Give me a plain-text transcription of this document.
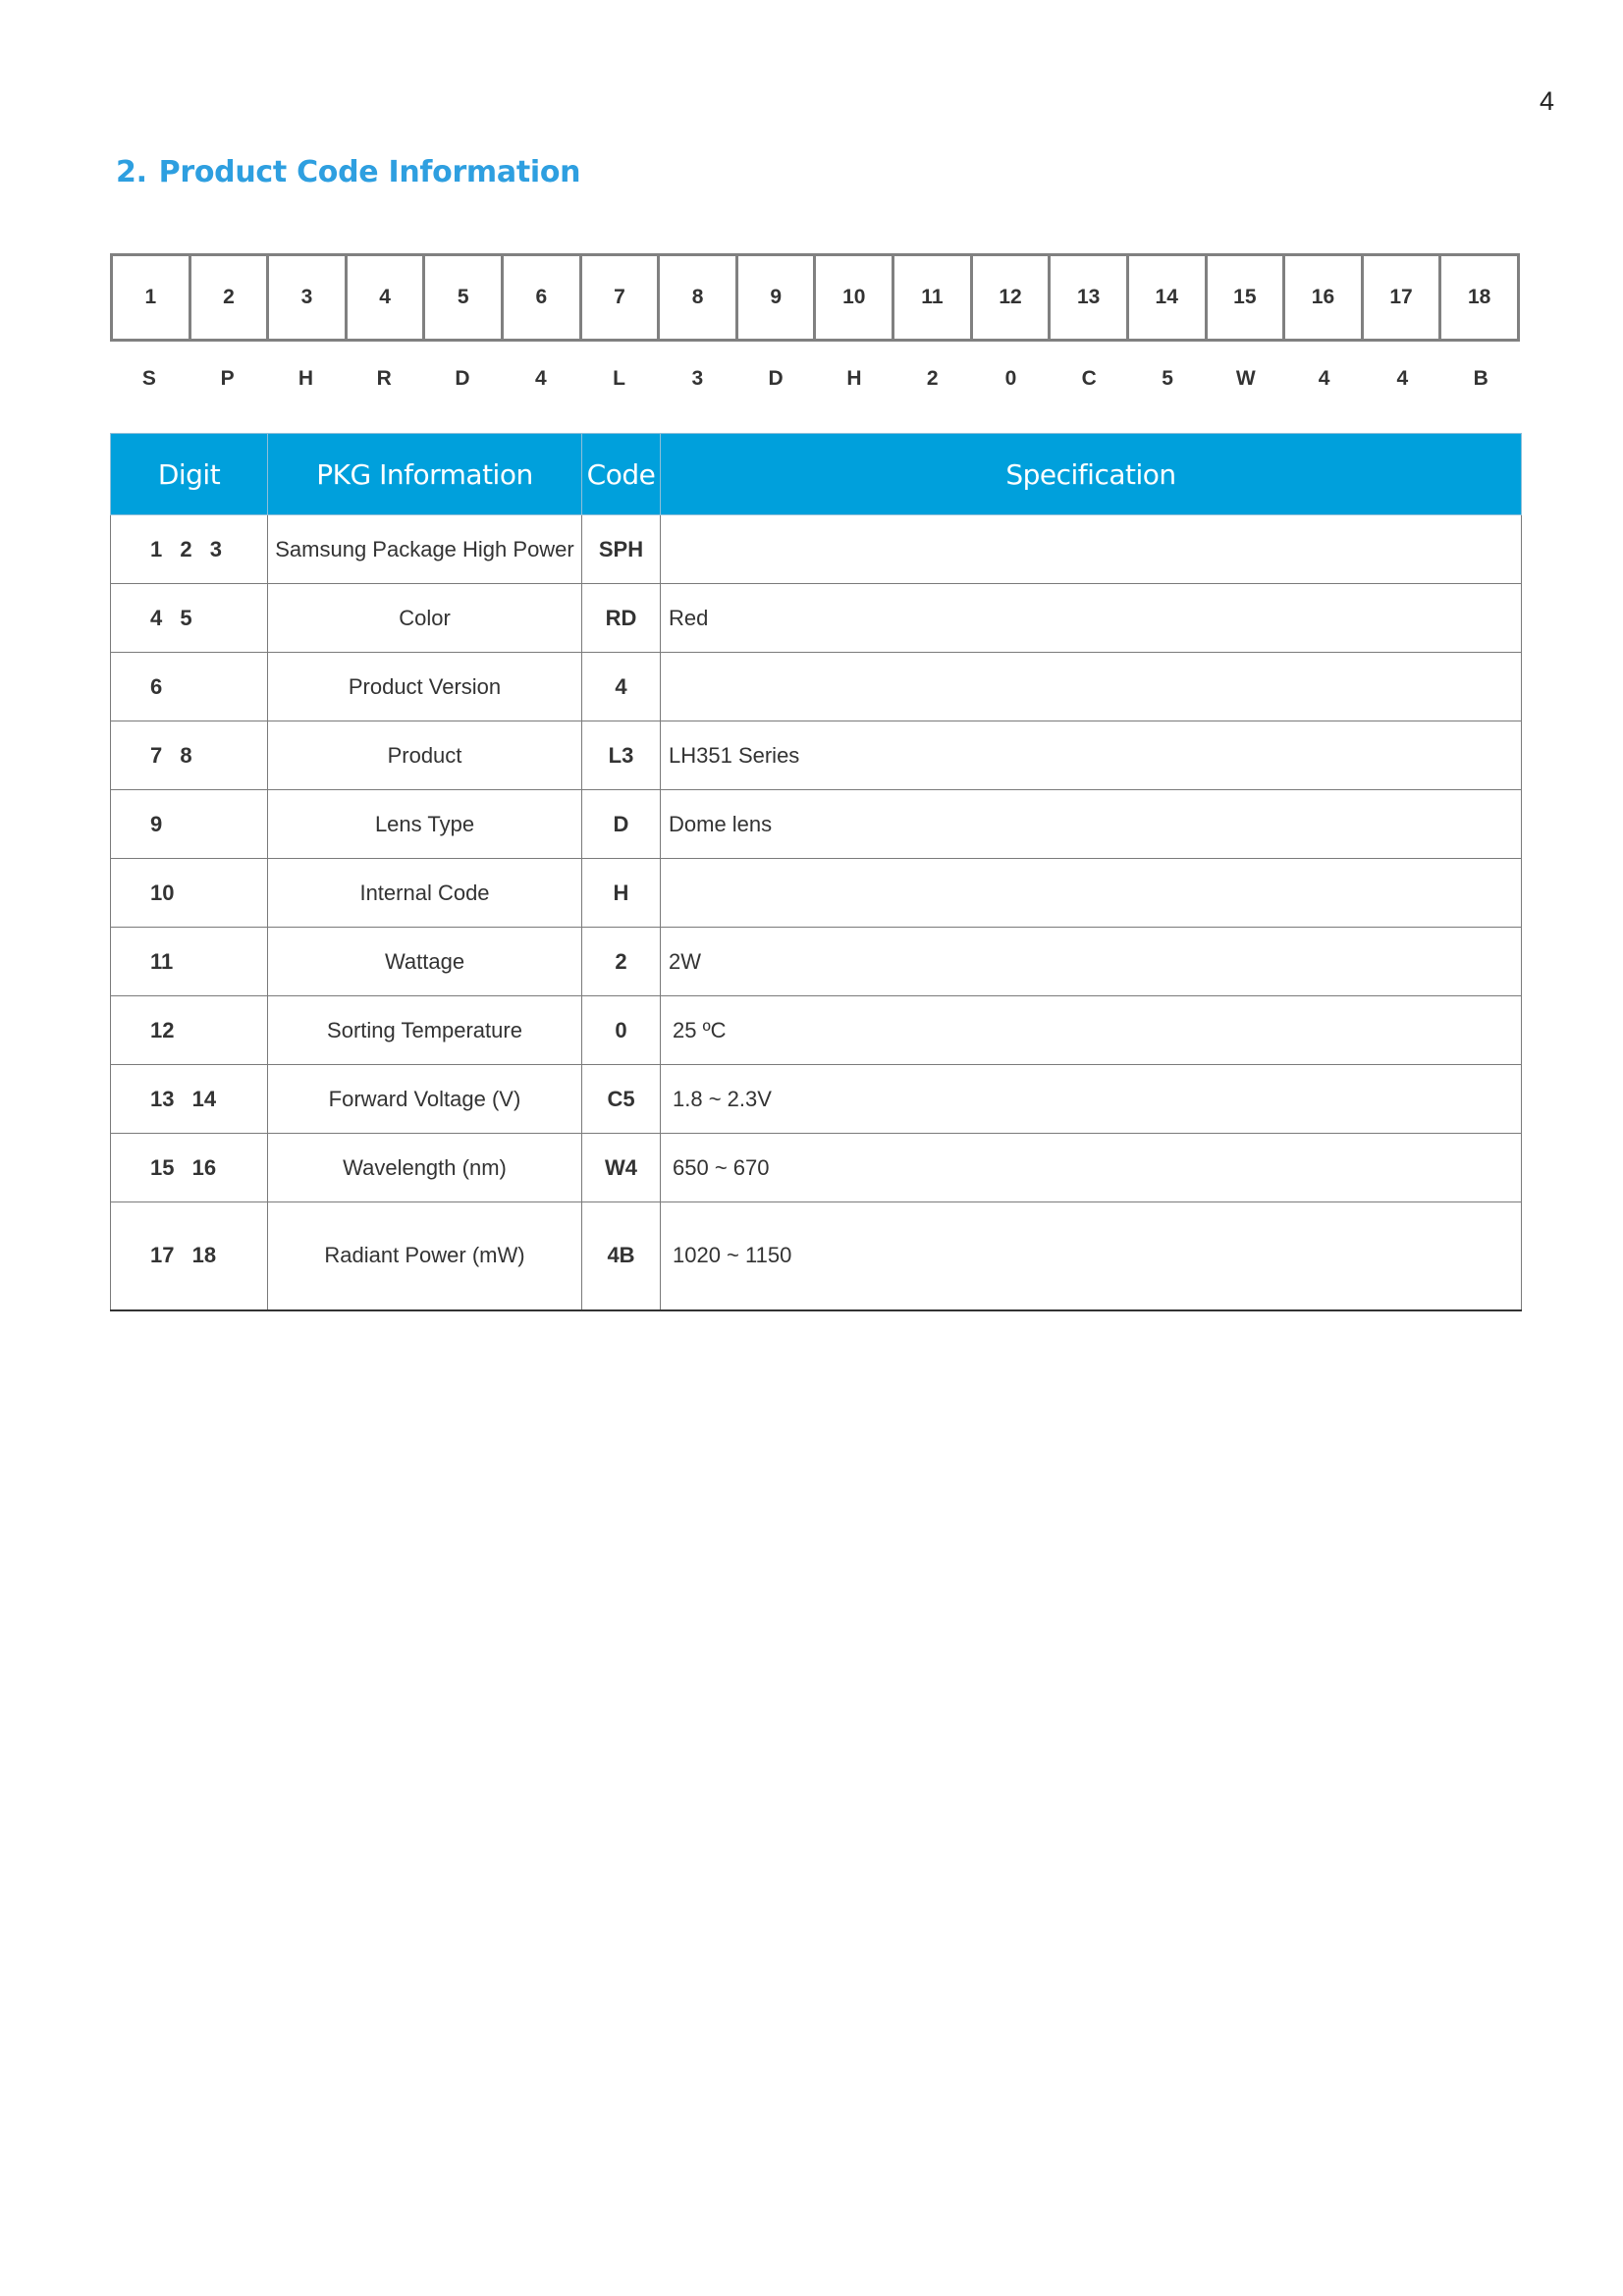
4
2. Product Code Information
1	2	3	4	5	6	7	8	9	10	11	12	13	14	15	16	17	18
S	P	H	R	D	4	L	3	D	H	2	0	C	5	W	4	4	B
Digit	PKG Information	Code	Specification
1 2 3	Samsung Package High Power	SPH	
4 5	Color	RD	Red
6	Product Version	4	
7 8	Product	L3	LH351 Series
9	Lens Type	D	Dome lens
10	Internal Code	H	
11	Wattage	2	2W
12	Sorting Temperature	0	25 ºC
13 14	Forward Voltage (V)	C5	1.8 ~ 2.3V
15 16	Wavelength (nm)	W4	650 ~ 670
17 18	Radiant Power (mW)	4B	1020 ~ 1150
